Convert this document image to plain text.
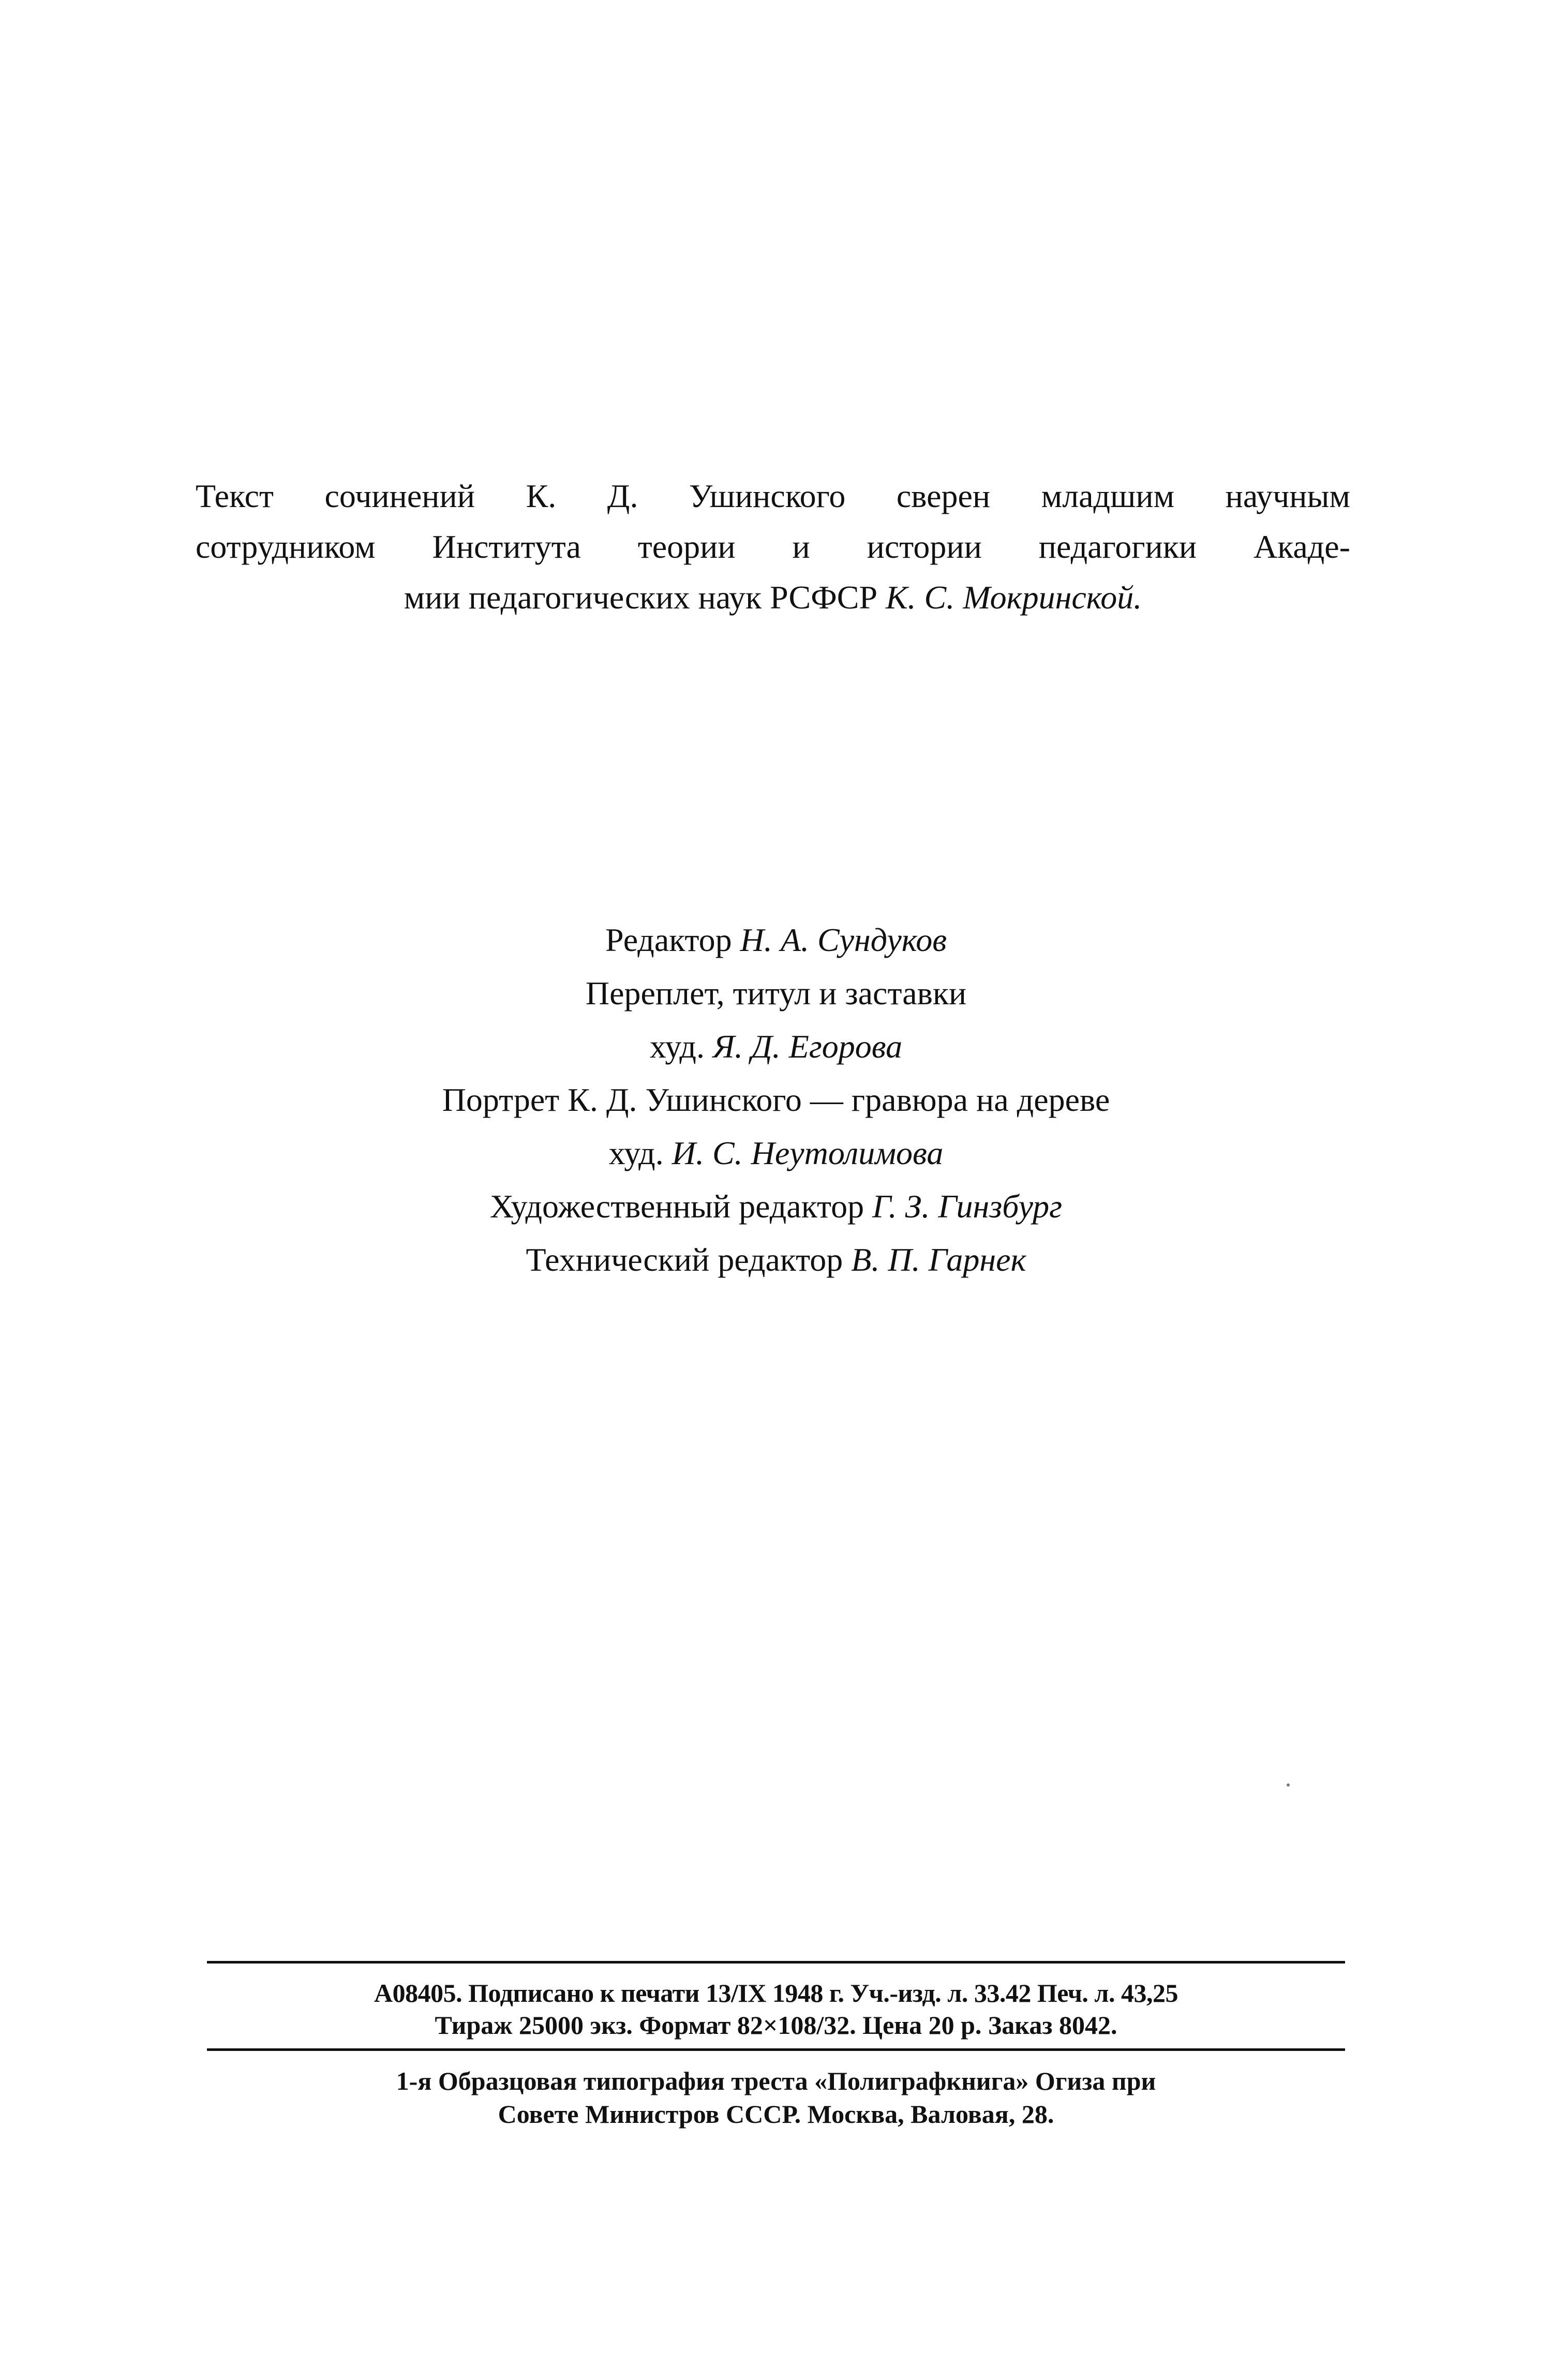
Текст сочинений К. Д. Ушинского сверен младшим научным
сотрудником Института теории и истории педагогики Акаде-
мии педагогических наук РСФСР К. С. Мокринской.
Редактор Н. А. Сундуков
Переплет, титул и заставки
худ. Я. Д. Егорова
Портрет К. Д. Ушинского — гравюра на дереве
худ. И. С. Неутолимова
Художественный редактор Г. З. Гинзбург
Технический редактор В. П. Гарнек
А08405. Подписано к печати 13/IX 1948 г. Уч.-изд. л. 33.42 Печ. л. 43,25
Тираж 25000 экз. Формат 82×108/32. Цена 20 р. Заказ 8042.
1-я Образцовая типография треста «Полиграфкнига» Огиза при
Совете Министров СССР. Москва, Валовая, 28.
